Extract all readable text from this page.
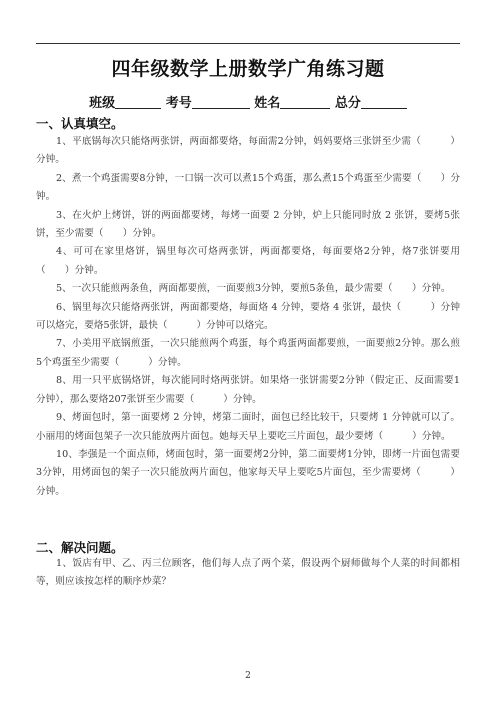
四年级数学上册数学广角练习题
班级	考号	姓名	总分
一、认真填空。

1、平底锅每次只能烙两张饼，两面都要烙，每面需2分钟，妈妈要烙三张饼至少需（　　　）分钟。

2、煮一个鸡蛋需要8分钟，一口锅一次可以煮15个鸡蛋，那么煮15个鸡蛋至少需要（　　）分钟。

3、在火炉上烤饼，饼的两面都要烤，每烤一面要 2 分钟，炉上只能同时放 2 张饼，要烤5张饼，至少需要（　　）分钟。

4、可可在家里烙饼，锅里每次可烙两张饼，两面都要烙，每面要烙2分钟，烙7张饼要用（　　）分钟。

5、一次只能煎两条鱼，两面都要煎，一面要煎3分钟，要煎5条鱼，最少需要（　　）分钟。

6、锅里每次只能烙两张饼，两面都要烙，每面烙 4 分钟，要烙 4 张饼，最快（　　　）分钟可以烙完，要烙5张饼，最快（　　　）分钟可以烙完。

7、小美用平底锅煎蛋，一次只能煎两个鸡蛋，每个鸡蛋两面都要煎，一面要煎2分钟。那么煎5个鸡蛋至少需要（　　　）分钟。

8、用一只平底锅烙饼，每次能同时烙两张饼。如果烙一张饼需要2分钟（假定正、反面需要1分钟），那么要烙207张饼至少需要（　　　）分钟。

9、烤面包时，第一面要烤 2 分钟，烤第二面时，面包已经比较干，只要烤 1 分钟就可以了。小丽用的烤面包架子一次只能放两片面包。她每天早上要吃三片面包，最少要烤（　　　）分钟。

10、李强是一个面点师，烤面包时，第一面要烤2分钟，第二面要烤1分钟，即烤一片面包需要3分钟，用烤面包的架子一次只能放两片面包，他家每天早上要吃5片面包，至少需要烤（　　　）分钟。

二、解决问题。

1、饭店有甲、乙、丙三位顾客，他们每人点了两个菜，假设两个厨师做每个人菜的时间都相等，则应该按怎样的顺序炒菜？

2
